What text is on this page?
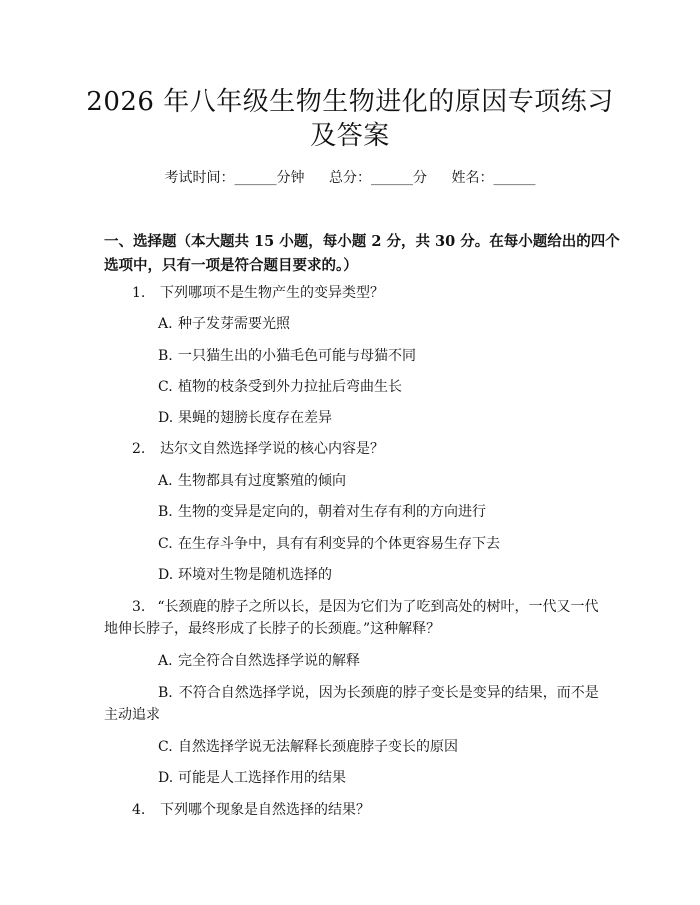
2026 年八年级生物生物进化的原因专项练习
及答案
考试时间：______分钟 总分：______分 姓名：______
一、选择题（本大题共 15 小题，每小题 2 分，共 30 分。在每小题给出的四个选项中，只有一项是符合题目要求的。）
1. 下列哪项不是生物产生的变异类型？
A. 种子发芽需要光照
B. 一只猫生出的小猫毛色可能与母猫不同
C. 植物的枝条受到外力拉扯后弯曲生长
D. 果蝇的翅膀长度存在差异
2. 达尔文自然选择学说的核心内容是？
A. 生物都具有过度繁殖的倾向
B. 生物的变异是定向的，朝着对生存有利的方向进行
C. 在生存斗争中，具有有利变异的个体更容易生存下去
D. 环境对生物是随机选择的
3. “长颈鹿的脖子之所以长，是因为它们为了吃到高处的树叶，一代又一代地伸长脖子，最终形成了长脖子的长颈鹿。”这种解释？
A. 完全符合自然选择学说的解释
B. 不符合自然选择学说，因为长颈鹿的脖子变长是变异的结果，而不是主动追求
C. 自然选择学说无法解释长颈鹿脖子变长的原因
D. 可能是人工选择作用的结果
4. 下列哪个现象是自然选择的结果？
